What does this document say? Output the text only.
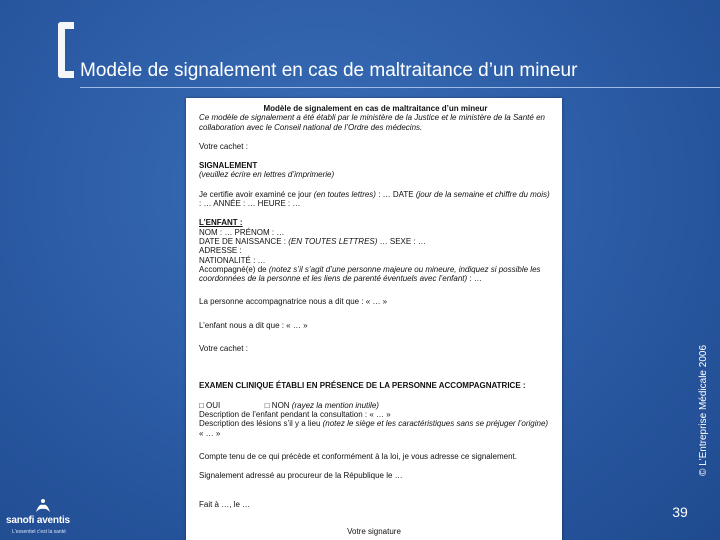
Modèle de signalement en cas de maltraitance d’un mineur

Modèle de signalement en cas de maltraitance d’un mineur

Ce modèle de signalement a été établi par le ministère de la Justice et le ministère de la Santé en collaboration avec le Conseil national de l’Ordre des médecins.

Votre cachet :

SIGNALEMENT

(veuillez écrire en lettres d’imprimerie)

Je certifie avoir examiné ce jour (en toutes lettres) : … DATE (jour de la semaine et chiffre du mois) : … ANNÉE : … HEURE : …

L’ENFANT :

NOM : … PRÉNOM : …

DATE DE NAISSANCE : (EN TOUTES LETTRES) … SEXE : …

ADRESSE :

NATIONALITÉ : …

Accompagné(e) de (notez s’il s’agit d’une personne majeure ou mineure, indiquez si possible les coordonnées de la personne et les liens de parenté éventuels avec l’enfant) : …

La personne accompagnatrice nous a dit que : « … »

L’enfant nous a dit que : « … »

Votre cachet :

EXAMEN CLINIQUE ÉTABLI EN PRÉSENCE DE LA PERSONNE ACCOMPAGNATRICE :

□ OUI                    □ NON (rayez la mention inutile)

Description de l’enfant pendant la consultation : « … »

Description des lésions s’il y a lieu (notez le siège et les caractéristiques sans se préjuger l’origine) « … »

Compte tenu de ce qui précède et conformément à la loi, je vous adresse ce signalement.

Signalement adressé au procureur de la République le …

Fait à …, le …

Votre signature
© L'Entreprise Médicale 2006
39
sanofi aventis
L'essentiel c'est la santé
